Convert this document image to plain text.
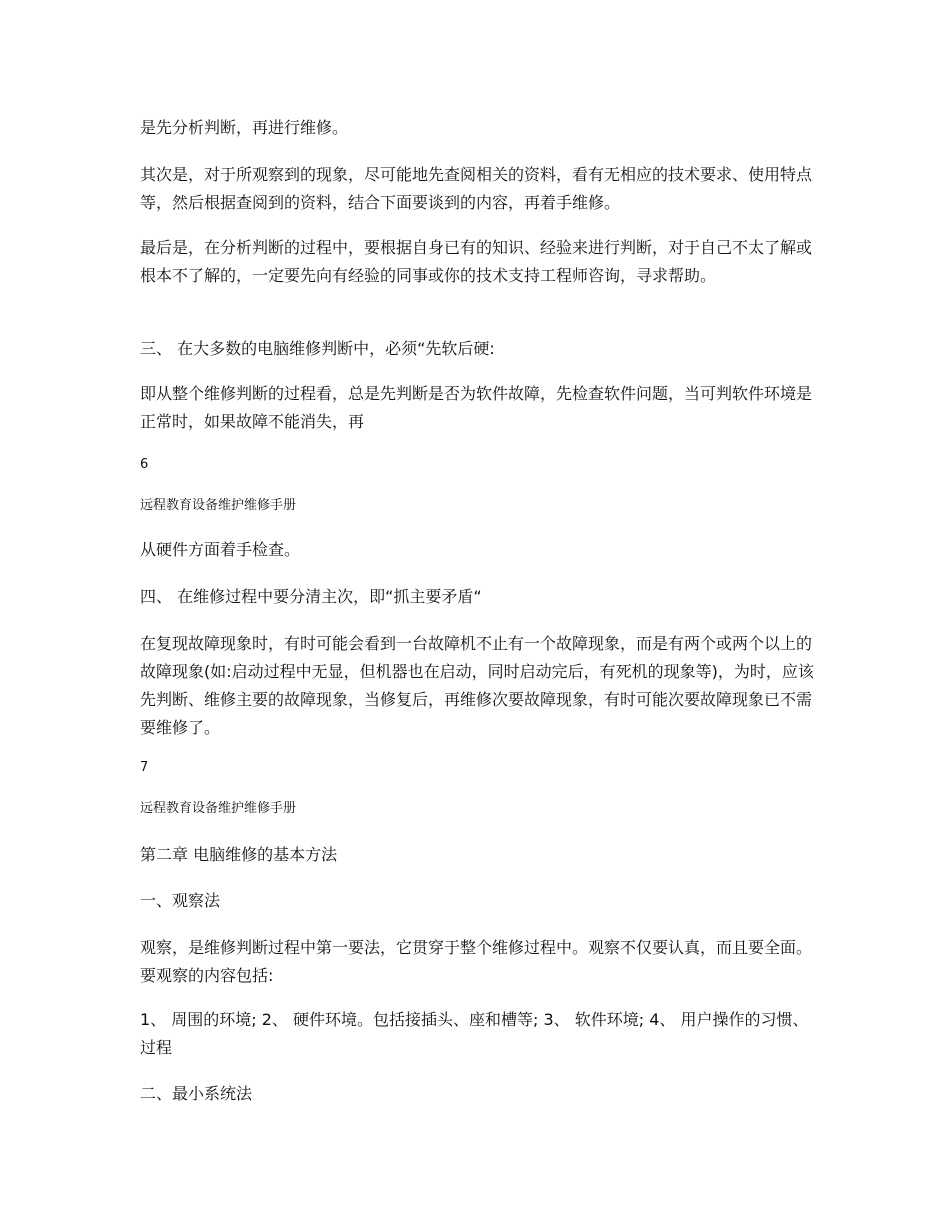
是先分析判断，再进行维修。

其次是，对于所观察到的现象，尽可能地先查阅相关的资料，看有无相应的技术要求、使用特点等，然后根据查阅到的资料，结合下面要谈到的内容，再着手维修。

最后是，在分析判断的过程中，要根据自身已有的知识、经验来进行判断，对于自己不太了解或根本不了解的，一定要先向有经验的同事或你的技术支持工程师咨询，寻求帮助。

三、 在大多数的电脑维修判断中，必须“先软后硬:

即从整个维修判断的过程看，总是先判断是否为软件故障，先检查软件问题，当可判软件环境是正常时，如果故障不能消失，再

6

远程教育设备维护维修手册

从硬件方面着手检查。

四、 在维修过程中要分清主次，即“抓主要矛盾“

在复现故障现象时，有时可能会看到一台故障机不止有一个故障现象，而是有两个或两个以上的故障现象(如:启动过程中无显，但机器也在启动，同时启动完后，有死机的现象等)，为时，应该先判断、维修主要的故障现象，当修复后，再维修次要故障现象，有时可能次要故障现象已不需要维修了。

7

远程教育设备维护维修手册

第二章 电脑维修的基本方法

一、观察法

观察，是维修判断过程中第一要法，它贯穿于整个维修过程中。观察不仅要认真，而且要全面。要观察的内容包括:

1、 周围的环境; 2、 硬件环境。包括接插头、座和槽等; 3、 软件环境; 4、 用户操作的习惯、过程

二、最小系统法
